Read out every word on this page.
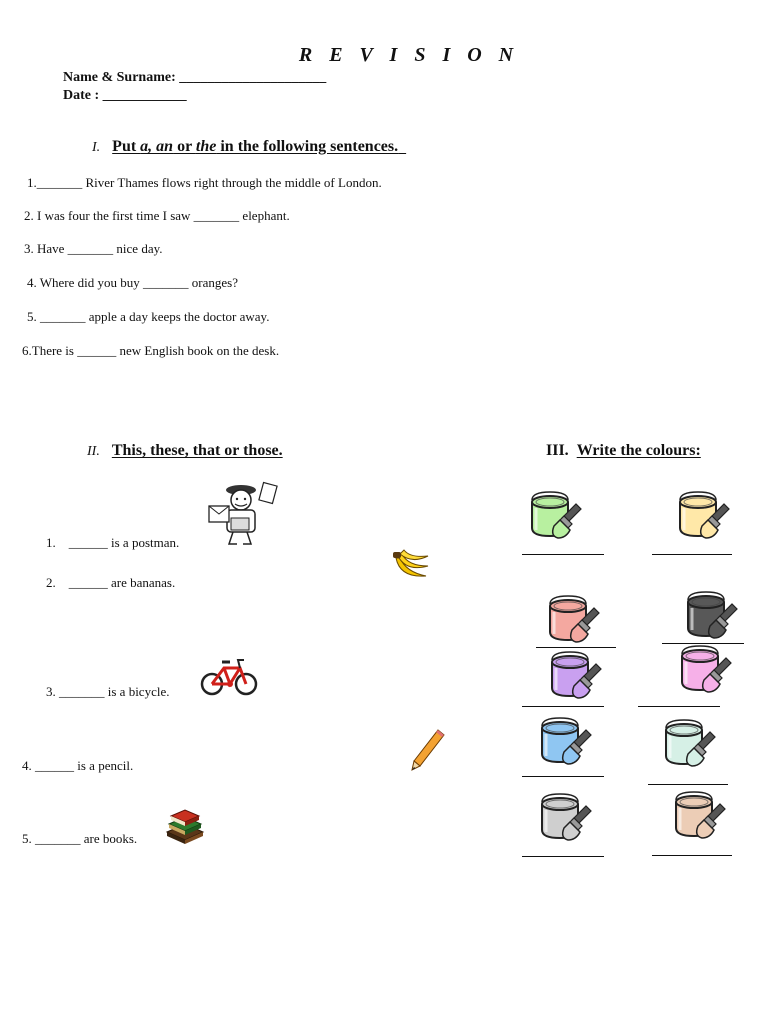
R E V I S I O N
Name & Surname: _____________________
Date : ____________
I. Put a, an or the in the following sentences.
1._______ River Thames flows right through the middle of London.
2. I was four the first time I saw _______ elephant.
3. Have _______ nice day.
4. Where did you buy _______ oranges?
5. _______ apple a day keeps the doctor away.
6.There is ______ new English book on the desk.
II. This, these, that or those.
1. ______ is a postman.
2. ______ are bananas.
3. _______ is a bicycle.
4. ______ is a pencil.
5. _______ are books.
III. Write the colours:
